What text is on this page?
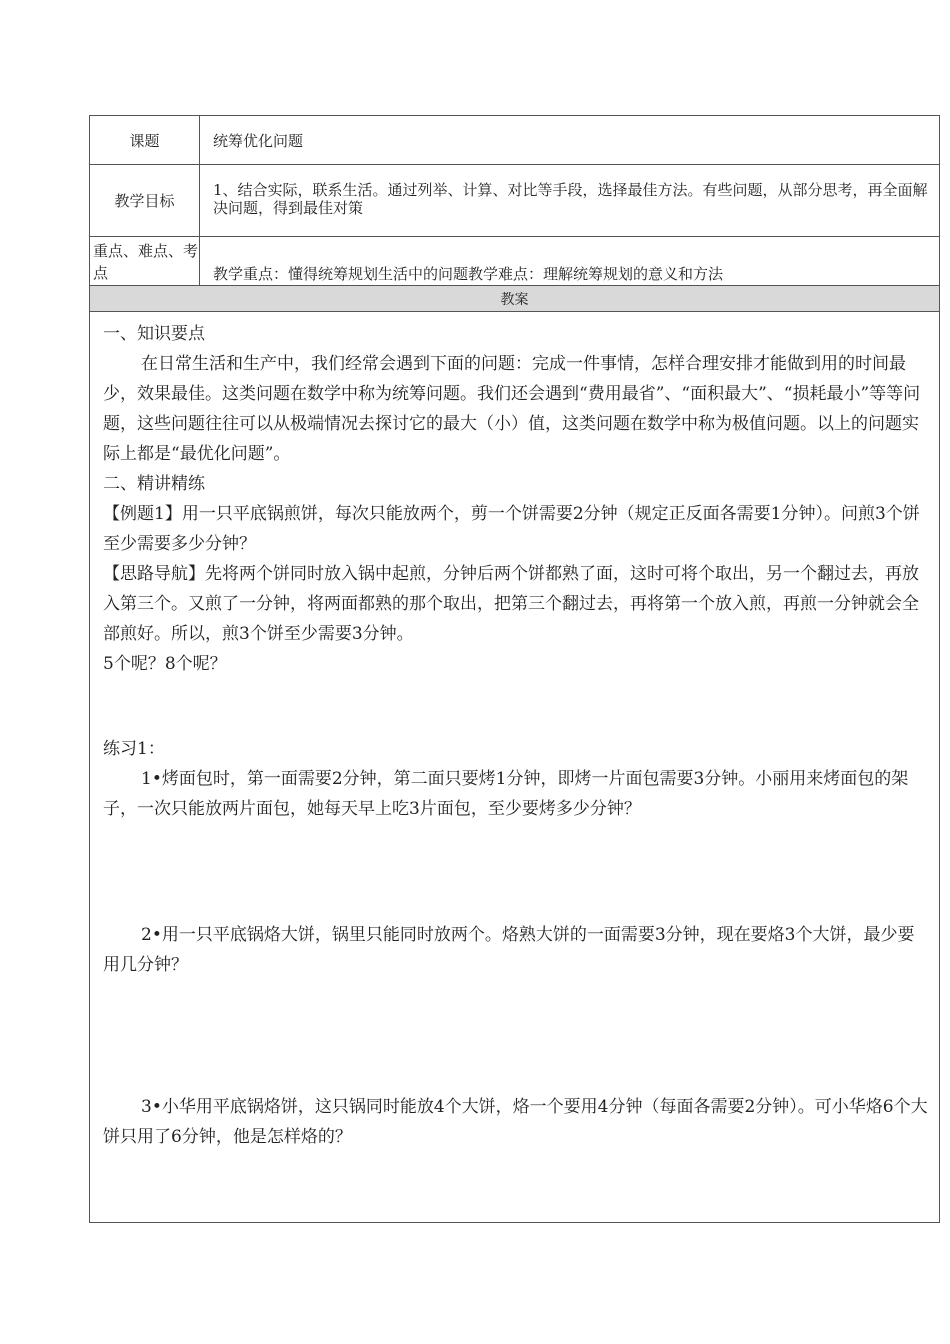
课题	统筹优化问题
教学目标
1、结合实际，联系生活。通过列举、计算、对比等手段，选择最佳方法。有些问题，从部分思考，再全面解决问题，得到最佳对策
重点、难点、考点	教学重点：懂得统筹规划生活中的问题教学难点：理解统筹规划的意义和方法
教案

一、知识要点

在日常生活和生产中，我们经常会遇到下面的问题：完成一件事情，怎样合理安排才能做到用的时间最少，效果最佳。这类问题在数学中称为统筹问题。我们还会遇到“费用最省”、“面积最大”、“损耗最小”等等问题，这些问题往往可以从极端情况去探讨它的最大（小）值，这类问题在数学中称为极值问题。以上的问题实际上都是“最优化问题”。

二、精讲精练

【例题1】用一只平底锅煎饼，每次只能放两个，剪一个饼需要2分钟（规定正反面各需要1分钟）。问煎3个饼至少需要多少分钟？

【思路导航】先将两个饼同时放入锅中起煎，分钟后两个饼都熟了面，这时可将个取出，另一个翻过去，再放入第三个。又煎了一分钟，将两面都熟的那个取出，把第三个翻过去，再将第一个放入煎，再煎一分钟就会全部煎好。所以，煎3个饼至少需要3分钟。

5个呢？8个呢？

练习1：

1•烤面包时，第一面需要2分钟，第二面只要烤1分钟，即烤一片面包需要3分钟。小丽用来烤面包的架子，一次只能放两片面包，她每天早上吃3片面包，至少要烤多少分钟？

2•用一只平底锅烙大饼，锅里只能同时放两个。烙熟大饼的一面需要3分钟，现在要烙3个大饼，最少要用几分钟？

3•小华用平底锅烙饼，这只锅同时能放4个大饼，烙一个要用4分钟（每面各需要2分钟）。可小华烙6个大饼只用了6分钟，他是怎样烙的？
